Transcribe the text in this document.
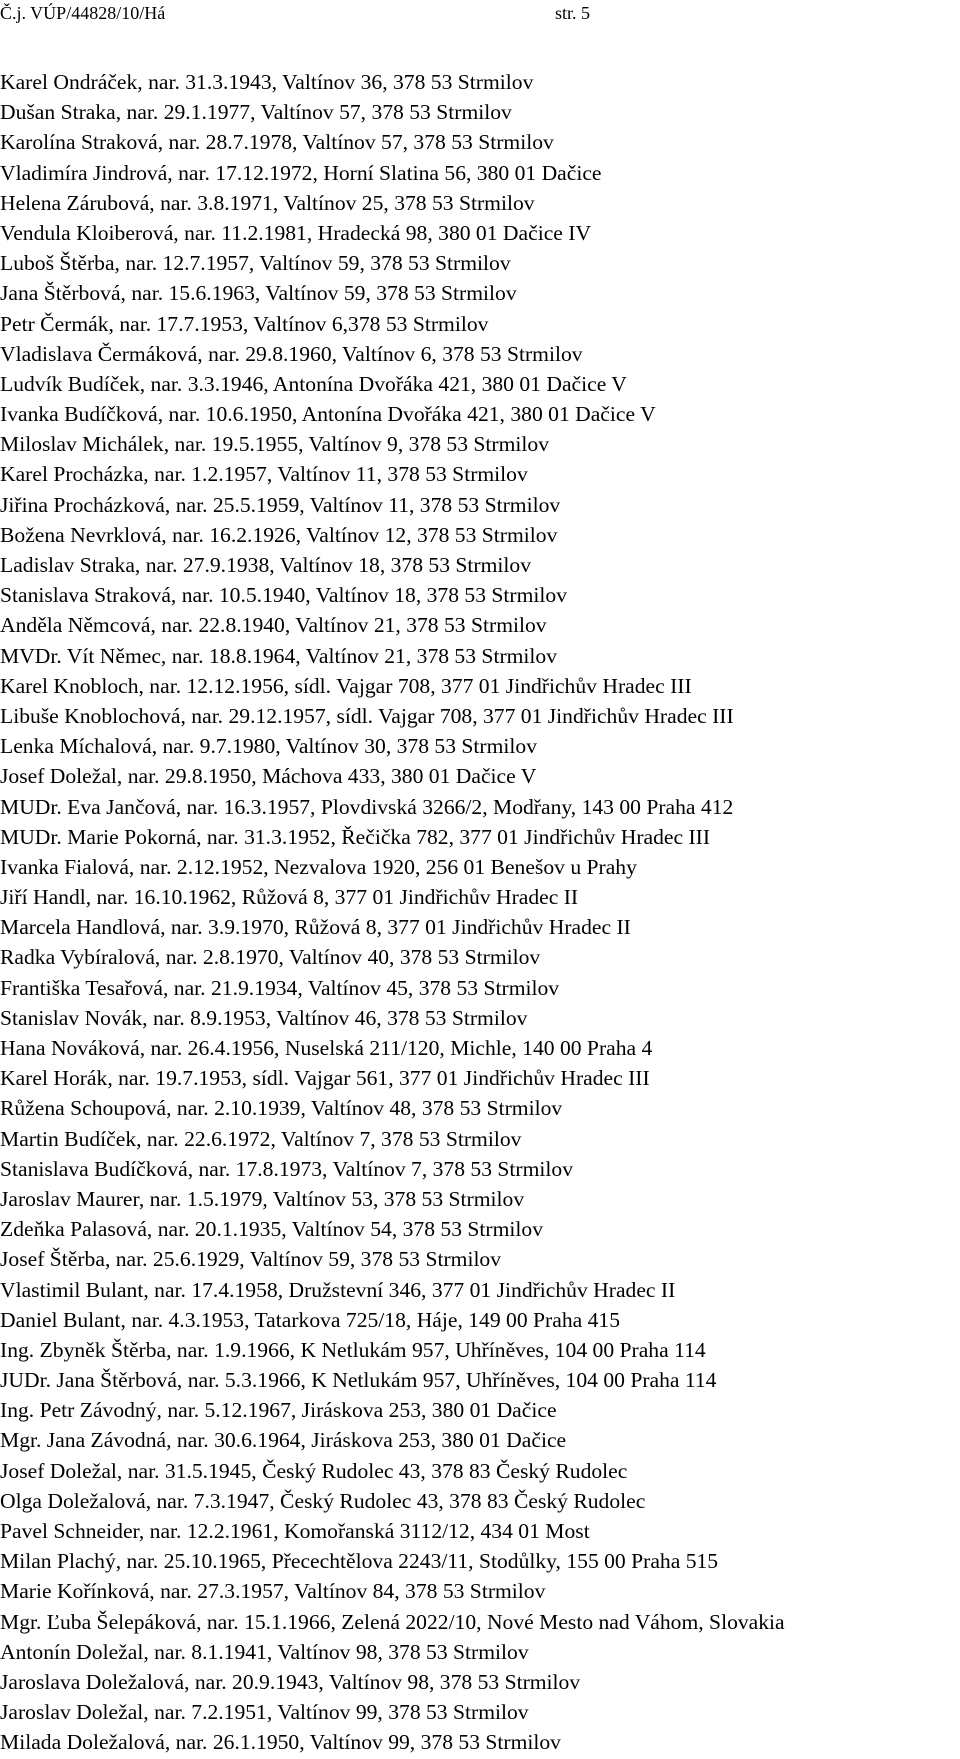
Č.j. VÚP/44828/10/Há	str. 5
Karel Ondráček, nar. 31.3.1943, Valtínov 36, 378 53 Strmilov
Dušan Straka, nar. 29.1.1977, Valtínov 57, 378 53 Strmilov
Karolína Straková, nar. 28.7.1978, Valtínov 57, 378 53 Strmilov
Vladimíra Jindrová, nar. 17.12.1972, Horní Slatina 56, 380 01 Dačice
Helena Zárubová, nar. 3.8.1971, Valtínov 25, 378 53 Strmilov
Vendula Kloiberová, nar. 11.2.1981, Hradecká 98, 380 01 Dačice IV
Luboš Štěrba, nar. 12.7.1957, Valtínov 59, 378 53 Strmilov
Jana Štěrbová, nar. 15.6.1963, Valtínov 59, 378 53 Strmilov
Petr Čermák, nar. 17.7.1953, Valtínov 6,378 53 Strmilov
Vladislava Čermáková, nar. 29.8.1960, Valtínov 6, 378 53 Strmilov
Ludvík Budíček, nar. 3.3.1946, Antonína Dvořáka 421, 380 01 Dačice V
Ivanka Budíčková, nar. 10.6.1950, Antonína Dvořáka 421, 380 01 Dačice V
Miloslav Michálek, nar. 19.5.1955, Valtínov 9, 378 53 Strmilov
Karel Procházka, nar. 1.2.1957, Valtínov 11, 378 53 Strmilov
Jiřina Procházková, nar. 25.5.1959, Valtínov 11, 378 53 Strmilov
Božena Nevrklová, nar. 16.2.1926, Valtínov 12, 378 53 Strmilov
Ladislav Straka, nar. 27.9.1938, Valtínov 18, 378 53 Strmilov
Stanislava Straková, nar. 10.5.1940, Valtínov 18, 378 53 Strmilov
Anděla Němcová, nar. 22.8.1940, Valtínov 21, 378 53 Strmilov
MVDr. Vít Němec, nar. 18.8.1964, Valtínov 21, 378 53 Strmilov
Karel Knobloch, nar. 12.12.1956, sídl. Vajgar 708, 377 01 Jindřichův Hradec III
Libuše Knoblochová, nar. 29.12.1957, sídl. Vajgar 708, 377 01 Jindřichův Hradec III
Lenka Míchalová, nar. 9.7.1980, Valtínov 30, 378 53 Strmilov
Josef Doležal, nar. 29.8.1950, Máchova 433, 380 01 Dačice V
MUDr. Eva Jančová, nar. 16.3.1957, Plovdivská 3266/2, Modřany, 143 00 Praha 412
MUDr. Marie Pokorná, nar. 31.3.1952, Řečička 782, 377 01 Jindřichův Hradec III
Ivanka Fialová, nar. 2.12.1952, Nezvalova 1920, 256 01 Benešov u Prahy
Jiří Handl, nar. 16.10.1962, Růžová 8, 377 01 Jindřichův Hradec II
Marcela Handlová, nar. 3.9.1970, Růžová 8, 377 01 Jindřichův Hradec II
Radka Vybíralová, nar. 2.8.1970, Valtínov 40, 378 53 Strmilov
Františka Tesařová, nar. 21.9.1934, Valtínov 45, 378 53 Strmilov
Stanislav Novák, nar. 8.9.1953, Valtínov 46, 378 53 Strmilov
Hana Nováková, nar. 26.4.1956, Nuselská 211/120, Michle, 140 00 Praha 4
Karel Horák, nar. 19.7.1953, sídl. Vajgar 561, 377 01 Jindřichův Hradec III
Růžena Schoupová, nar. 2.10.1939, Valtínov 48, 378 53 Strmilov
Martin Budíček, nar. 22.6.1972, Valtínov 7, 378 53 Strmilov
Stanislava Budíčková, nar. 17.8.1973, Valtínov 7, 378 53 Strmilov
Jaroslav Maurer, nar. 1.5.1979, Valtínov 53, 378 53 Strmilov
Zdeňka Palasová, nar. 20.1.1935, Valtínov 54, 378 53 Strmilov
Josef Štěrba, nar. 25.6.1929, Valtínov 59, 378 53 Strmilov
Vlastimil Bulant, nar. 17.4.1958, Družstevní 346, 377 01 Jindřichův Hradec II
Daniel Bulant, nar. 4.3.1953, Tatarkova 725/18, Háje, 149 00 Praha 415
Ing. Zbyněk Štěrba, nar. 1.9.1966, K Netlukám 957, Uhříněves, 104 00 Praha 114
JUDr. Jana Štěrbová, nar. 5.3.1966, K Netlukám 957, Uhříněves, 104 00 Praha 114
Ing. Petr Závodný, nar. 5.12.1967, Jiráskova 253, 380 01 Dačice
Mgr. Jana Závodná, nar. 30.6.1964, Jiráskova 253, 380 01 Dačice
Josef Doležal, nar. 31.5.1945, Český Rudolec 43, 378 83 Český Rudolec
Olga Doležalová, nar. 7.3.1947, Český Rudolec 43, 378 83 Český Rudolec
Pavel Schneider, nar. 12.2.1961, Komořanská 3112/12, 434 01 Most
Milan Plachý, nar. 25.10.1965, Přecechtělova 2243/11, Stodůlky, 155 00 Praha 515
Marie Kořínková, nar. 27.3.1957, Valtínov 84, 378 53 Strmilov
Mgr. Ľuba Šelepáková, nar. 15.1.1966, Zelená 2022/10, Nové Mesto nad Váhom, Slovakia
Antonín Doležal, nar. 8.1.1941, Valtínov 98, 378 53 Strmilov
Jaroslava Doležalová, nar. 20.9.1943, Valtínov 98, 378 53 Strmilov
Jaroslav Doležal, nar. 7.2.1951, Valtínov 99, 378 53 Strmilov
Milada Doležalová, nar. 26.1.1950, Valtínov 99, 378 53 Strmilov
